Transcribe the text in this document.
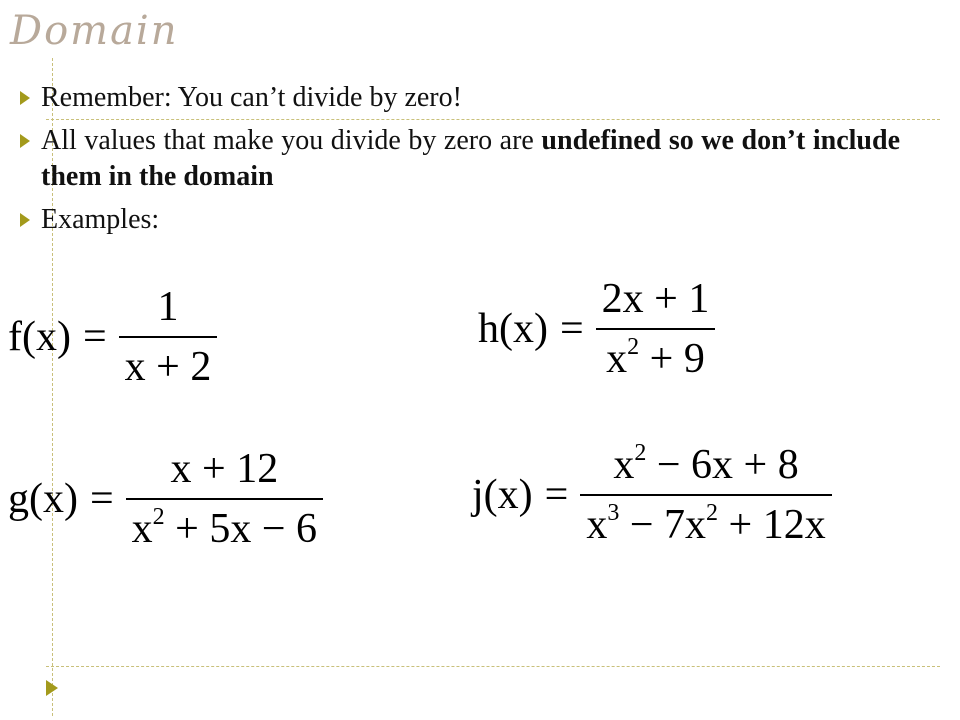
Domain
Remember: You can’t divide by zero!
All values that make you divide by zero are undefined so we don’t include them in the domain
Examples:
$f(x) = \frac{1}{x + 2}$	$h(x) = \frac{2x + 1}{x^2 + 9}$
$g(x) = \frac{x + 12}{x^2 + 5x - 6}$	$j(x) = \frac{x^2 - 6x + 8}{x^3 - 7x^2 + 12x}$
